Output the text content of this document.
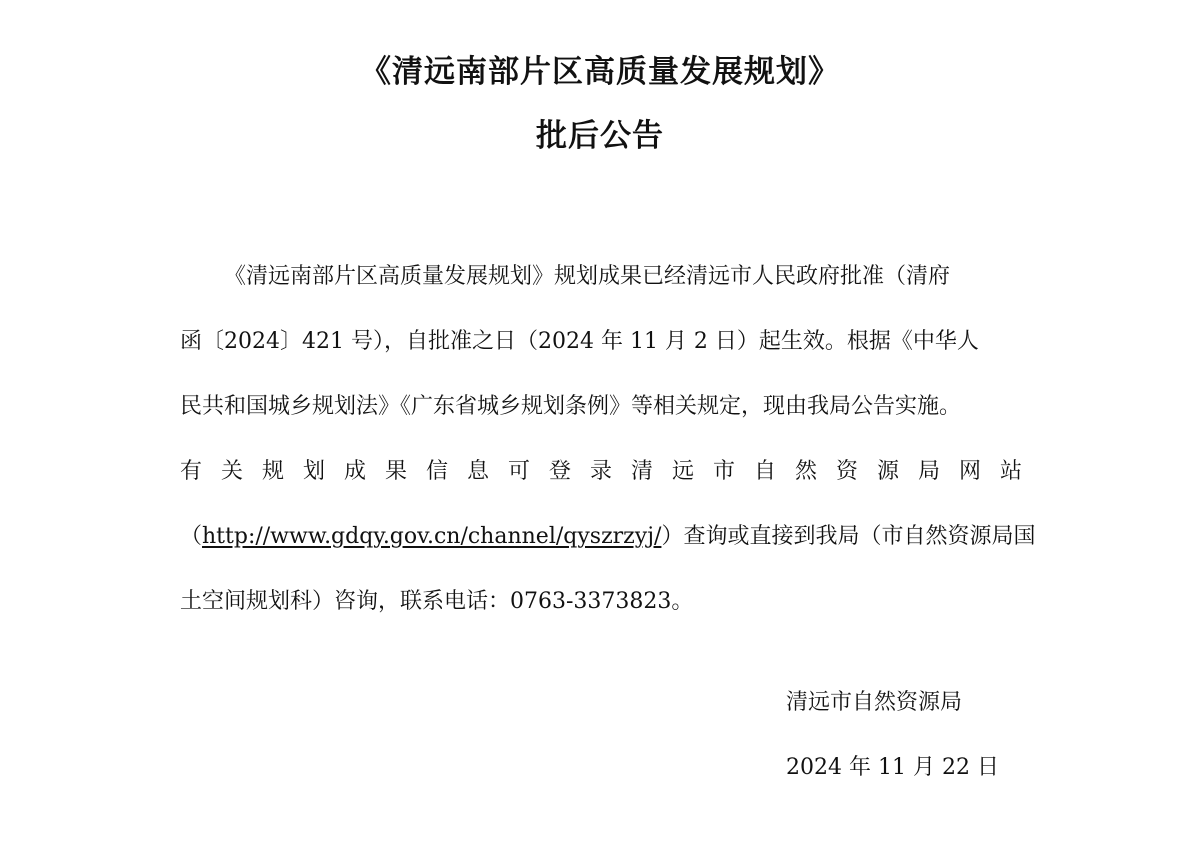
《清远南部片区高质量发展规划》
批后公告
《清远南部片区高质量发展规划》规划成果已经清远市人民政府批准（清府
函〔2024〕421 号），自批准之日（2024 年 11 月 2 日）起生效。根据《中华人
民共和国城乡规划法》《广东省城乡规划条例》等相关规定，现由我局公告实施。
有 关 规 划 成 果 信 息 可 登 录 清 远 市 自 然 资 源 局 网 站
（http://www.gdqy.gov.cn/channel/qyszrzyj/）查询或直接到我局（市自然资源局国
土空间规划科）咨询，联系电话：0763-3373823。
清远市自然资源局
2024 年 11 月 22 日
